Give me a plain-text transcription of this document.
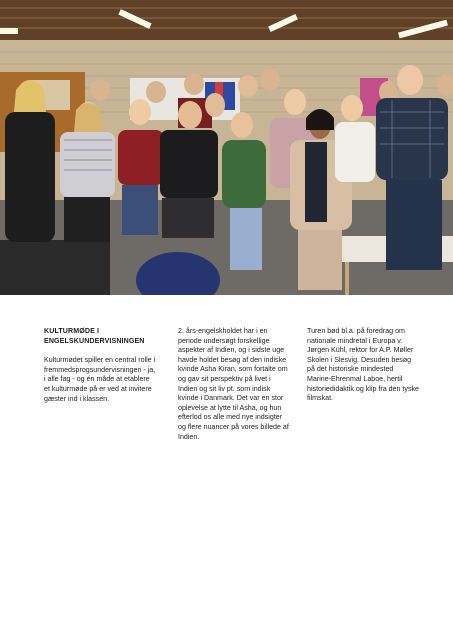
KULTURMØDE I
ENGELSKUNDERVISNINGEN

Kulturmødet spiller en central rolle i fremmedsprogsundervisningen - ja, i alle fag - og én måde at etablere et kulturmøde på er ved at invitere gæster ind i klassen.

2. års-engelskholdet har i en periode undersøgt forskellige aspekter af Indien, og i sidste uge havde holdet besøg af den indiske kvinde Asha Kiran, som fortalte om og gav sit perspektiv på livet i Indien og sit liv pt. som indisk kvinde i Danmark. Det var en stor oplevelse at lytte til Asha, og hun efterlod os alle med nye indsigter og flere nuancer på vores billede af Indien.

Turen bød bl.a. på foredrag om nationale mindretal i Europa v. Jørgen Kühl, rektor for A.P. Møller Skolen i Slesvig. Desuden besøg på det historiske mindested Marine-Ehrenmal Laboe, hertil historiedidaktik og klip fra den tyske filmskat.
